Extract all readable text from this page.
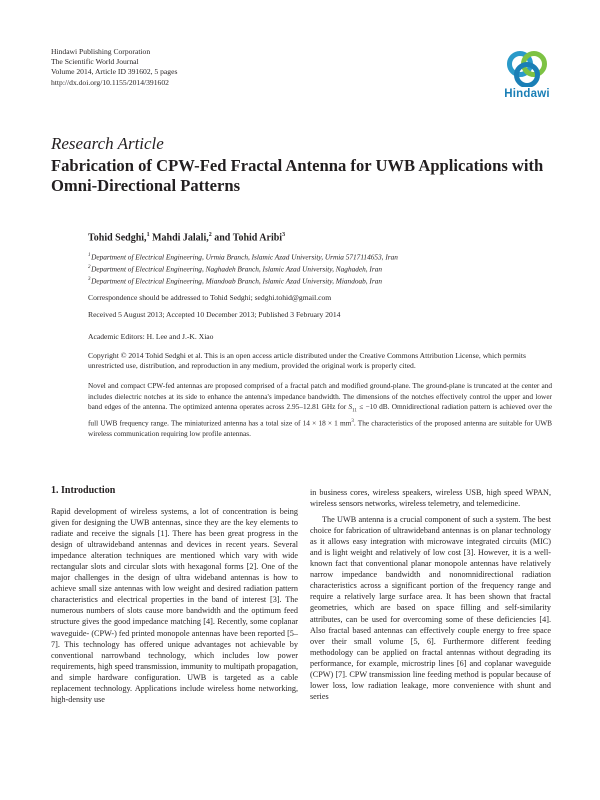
Hindawi Publishing Corporation
The Scientific World Journal
Volume 2014, Article ID 391602, 5 pages
http://dx.doi.org/10.1155/2014/391602
Hindawi
Research Article
Fabrication of CPW-Fed Fractal Antenna for UWB Applications with Omni-Directional Patterns
Tohid Sedghi,$^1$ Mahdi Jalali,$^2$ and Tohid Aribi$^3$
$^1$ Department of Electrical Engineering, Urmia Branch, Islamic Azad University, Urmia 5717114653, Iran
$^2$ Department of Electrical Engineering, Naghadeh Branch, Islamic Azad University, Naghadeh, Iran
$^3$ Department of Electrical Engineering, Miandoab Branch, Islamic Azad University, Miandoab, Iran
Correspondence should be addressed to Tohid Sedghi; sedghi.tohid@gmail.com
Received 5 August 2013; Accepted 10 December 2013; Published 3 February 2014
Academic Editors: H. Lee and J.-K. Xiao
Copyright © 2014 Tohid Sedghi et al. This is an open access article distributed under the Creative Commons Attribution License, which permits unrestricted use, distribution, and reproduction in any medium, provided the original work is properly cited.
Novel and compact CPW-fed antennas are proposed comprised of a fractal patch and modified ground-plane. The ground-plane is truncated at the center and includes dielectric notches at its side to enhance the antenna's impedance bandwidth. The dimensions of the notches effectively control the upper and lower band edges of the antenna. The optimized antenna operates across 2.95–12.81 GHz for $S_{11} \le -10$ dB. Omnidirectional radiation pattern is achieved over the full UWB frequency range. The miniaturized antenna has a total size of 14 × 18 × 1 $mm^3$. The characteristics of the proposed antenna are suitable for UWB wireless communication requiring low profile antennas.
1. Introduction

Rapid development of wireless systems, a lot of concentration is being given for designing the UWB antennas, since they are the key elements to radiate and receive the signals [1]. There has been great progress in the design of ultrawideband antennas and devices in recent years. Several impedance alteration techniques are mentioned which vary with wide rectangular slots and circular slots with hexagonal forms [2]. One of the major challenges in the design of ultra wideband antennas is how to achieve small size antennas with low weight and desired radiation pattern characteristics and electrical properties in the band of interest [3]. The numerous numbers of slots cause more bandwidth and the optimum feed structure gives the good impedance matching [4]. Recently, some coplanar waveguide- (CPW-) fed printed monopole antennas have been reported [5–7]. This technology has offered unique advantages not achievable by conventional narrowband technology, which includes low power requirements, high speed transmission, immunity to multipath propagation, and simple hardware configuration. UWB is targeted as a cable replacement technology. Applications include wireless home networking, high-density use

in business cores, wireless speakers, wireless USB, high speed WPAN, wireless sensors networks, wireless telemetry, and telemedicine.

The UWB antenna is a crucial component of such a system. The best choice for fabrication of ultrawideband antennas is on planar technology as it allows easy integration with microwave integrated circuits (MIC) and is light weight and relatively of low cost [3]. However, it is a well-known fact that conventional planar monopole antennas have relatively narrow impedance bandwidth and nonomnidirectional radiation characteristics across a significant portion of the frequency range and require a relatively large surface area. It has been shown that fractal geometries, which are based on space filling and self-similarity attributes, can be used for overcoming some of these deficiencies [4]. Also fractal based antennas can effectively couple energy to free space over their small volume [5, 6]. Furthermore different feeding methodology can be applied on fractal antennas without degrading its performance, for example, microstrip lines [6] and coplanar waveguide (CPW) [7]. CPW transmission line feeding method is popular because of lower loss, low radiation leakage, more convenience with shunt and series
